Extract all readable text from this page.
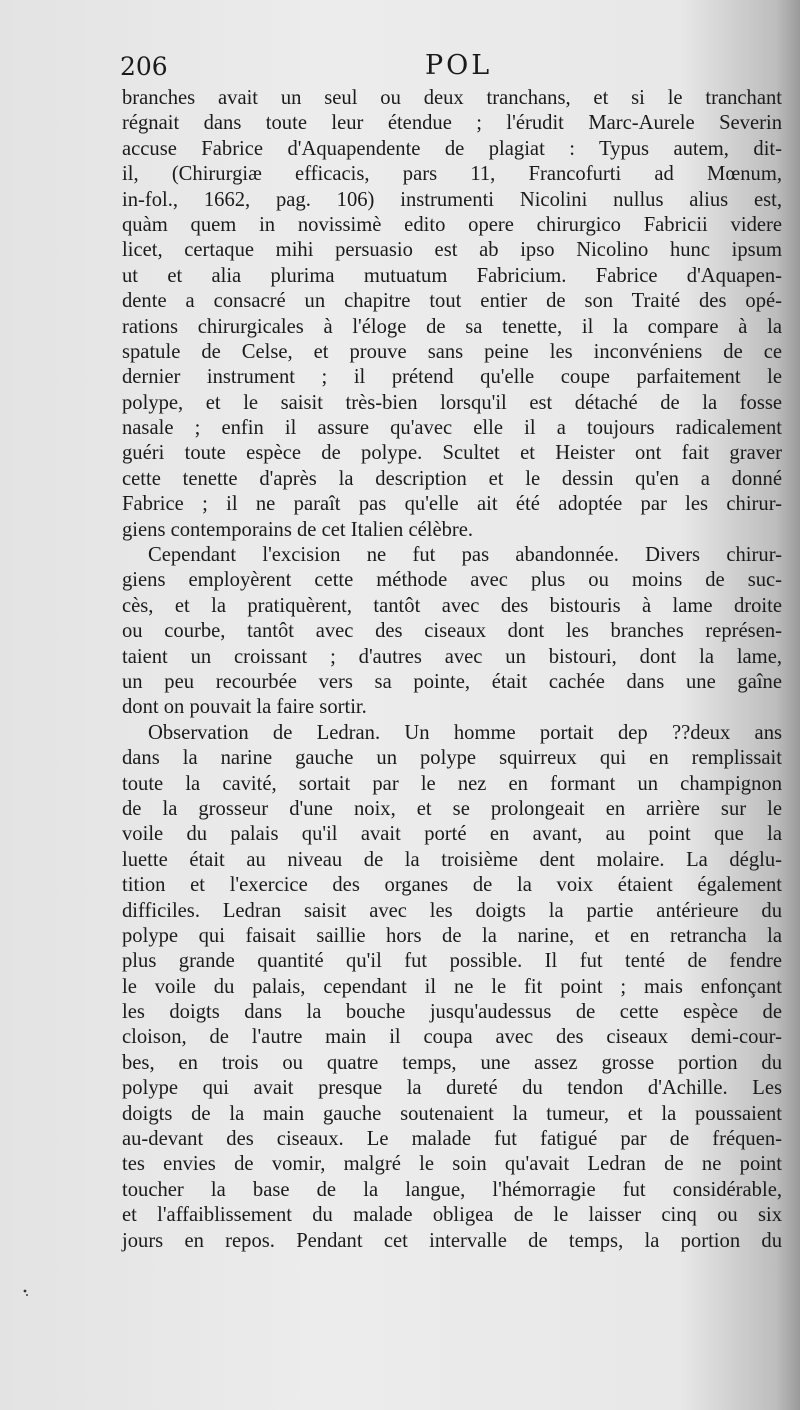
206	POL
branches avait un seul ou deux tranchans, et si le tranchant
régnait dans toute leur étendue ; l'érudit Marc-Aurele Severin
accuse Fabrice d'Aquapendente de plagiat : Typus autem, dit-
il, (Chirurgiæ efficacis, pars 11, Francofurti ad Mœnum,
in-fol., 1662, pag. 106) instrumenti Nicolini nullus alius est,
quàm quem in novissimè edito opere chirurgico Fabricii videre
licet, certaque mihi persuasio est ab ipso Nicolino hunc ipsum
ut et alia plurima mutuatum Fabricium. Fabrice d'Aquapen-
dente a consacré un chapitre tout entier de son Traité des opé-
rations chirurgicales à l'éloge de sa tenette, il la compare à la
spatule de Celse, et prouve sans peine les inconvéniens de ce
dernier instrument ; il prétend qu'elle coupe parfaitement le
polype, et le saisit très-bien lorsqu'il est détaché de la fosse
nasale ; enfin il assure qu'avec elle il a toujours radicalement
guéri toute espèce de polype. Scultet et Heister ont fait graver
cette tenette d'après la description et le dessin qu'en a donné
Fabrice ; il ne paraît pas qu'elle ait été adoptée par les chirur-
giens contemporains de cet Italien célèbre.
Cependant l'excision ne fut pas abandonnée. Divers chirur-
giens employèrent cette méthode avec plus ou moins de suc-
cès, et la pratiquèrent, tantôt avec des bistouris à lame droite
ou courbe, tantôt avec des ciseaux dont les branches représen-
taient un croissant ; d'autres avec un bistouri, dont la lame,
un peu recourbée vers sa pointe, était cachée dans une gaîne
dont on pouvait la faire sortir.
Observation de Ledran. Un homme portait dep ??deux ans
dans la narine gauche un polype squirreux qui en remplissait
toute la cavité, sortait par le nez en formant un champignon
de la grosseur d'une noix, et se prolongeait en arrière sur le
voile du palais qu'il avait porté en avant, au point que la
luette était au niveau de la troisième dent molaire. La déglu-
tition et l'exercice des organes de la voix étaient également
difficiles. Ledran saisit avec les doigts la partie antérieure du
polype qui faisait saillie hors de la narine, et en retrancha la
plus grande quantité qu'il fut possible. Il fut tenté de fendre
le voile du palais, cependant il ne le fit point ; mais enfonçant
les doigts dans la bouche jusqu'audessus de cette espèce de
cloison, de l'autre main il coupa avec des ciseaux demi-cour-
bes, en trois ou quatre temps, une assez grosse portion du
polype qui avait presque la dureté du tendon d'Achille. Les
doigts de la main gauche soutenaient la tumeur, et la poussaient
au-devant des ciseaux. Le malade fut fatigué par de fréquen-
tes envies de vomir, malgré le soin qu'avait Ledran de ne point
toucher la base de la langue, l'hémorragie fut considérable,
et l'affaiblissement du malade obligea de le laisser cinq ou six
jours en repos. Pendant cet intervalle de temps, la portion du
